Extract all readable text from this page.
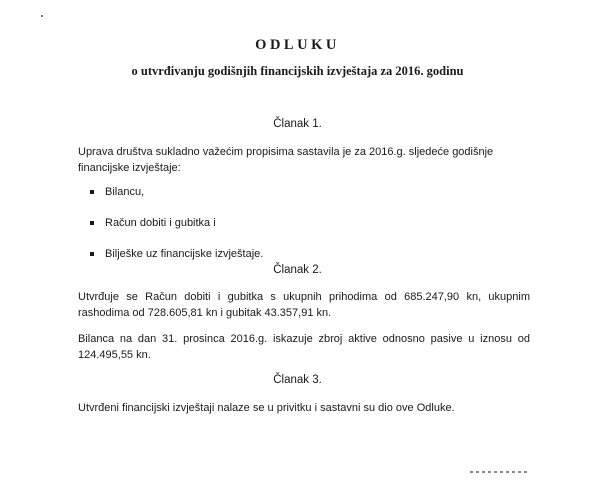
ODLUKU
o utvrđivanju godišnjih financijskih izvještaja za 2016. godinu
Članak 1.
Uprava društva sukladno važećim propisima sastavila je za 2016.g. sljedeće godišnje financijske izvještaje:
Bilancu,
Račun dobiti i gubitka i
Bilješke uz financijske izvještaje.
Članak 2.
Utvrđuje se Račun dobiti i gubitka s ukupnih prihodima od 685.247,90 kn, ukupnim rashodima od 728.605,81 kn i gubitak 43.357,91 kn.
Bilanca na dan 31. prosinca 2016.g. iskazuje zbroj aktive odnosno pasive u iznosu od 124.495,55 kn.
Članak 3.
Utvrđeni financijski izvještaji nalaze se u privitku i sastavni su dio ove Odluke.
